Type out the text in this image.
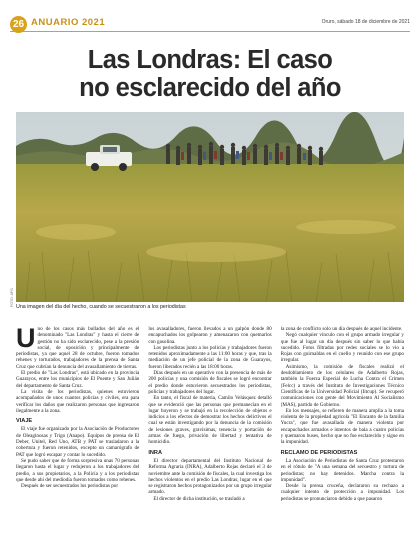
26 ANUARIO 2021	Oruro, sábado 18 de diciembre de 2021
Las Londras: El caso
no esclarecido del año
FOTO: APG
Una imagen del día del hecho, cuando se secuestraron a los periodistas

Uno de los casos más bullados del año es el denominado "Las Londras" y hasta el cierre de gestión no ha sido esclarecido, pese a la presión social, de oposición y principalmente de periodistas, ya que aquel 28 de octubre, fueron tomados rehenes y torturados, trabajadores de la prensa de Santa Cruz que cubrían la denuncia del avasallamiento de tierras.

El predio de "Las Londras", está ubicado en la provincia Guarayos, entre los municipios de El Puente y San Julián del departamento de Santa Cruz.

La visita de los periodistas, quienes estuvieron acompañados de unos cuantos policías y civiles, era para verificar los daños que realizaron personas que ingresaron ilegalmente a la zona.

VIAJE

El viaje fue organizado por la Asociación de Productores de Oleaginosas y Trigo (Anapo). Equipos de prensa de El Deber, Unitel, Red Uno, ATB y PAT se trasladaron a la cobertura y fueron retenidos, excepto un camarógrafo de PAT que logró escapar y contar lo sucedido.

Se pudo saber que de forma sorpresiva unas 70 personas llegaron hasta el lugar y redujeron a los trabajadores del predio, a sus propietarios, a la Policía y a los periodistas que desde ahí del mediodía fueron tomados como rehenes.

Después de ser secuestrados los periodistas por

los avasalladores, fueron llevados a un galpón donde 80 encapuchados los golpearon y amenazaron con quemarlos con gasolina.

Los periodistas junto a los policías y trabajadores fueron retenidos aproximadamente a las 11:00 horas y que, tras la mediación de un jefe policial de la zona de Guarayos, fueron liberados recién a las 18:00 horas.

Días después en un operativo con la presencia de más de 200 policías y una comisión de fiscales se logró encontrar el predio donde estuvieron secuestrados los periodistas, policías y trabajadores del lugar.

En tanto, el fiscal de materia, Camilo Velásquez detalló que se evidenció que las personas que permanecían en el lugar huyeron y se trabajó en la recolección de objetos e indicios a los efectos de demostrar los hechos delictivos el cual se están investigando por la denuncia de la comisión de lesiones graves, gravísimas, tenencia y portación de armas de fuego, privación de libertad y tentativa de homicidio.

INRA

El director departamental del Instituto Nacional de Reforma Agraria (INRA), Adalberto Rojas declaró el 3 de noviembre ante la comisión de fiscales, la cual investiga los hechos violentos en el predio Las Londras, lugar en el que se registraron hechos protagonizados por un grupo irregular armado.

El director de dicha institución, se trasladó a

la zona de conflicto solo un día después de aquel incidente.

Negó cualquier vínculo con el grupo armado irregular y que fue al lugar un día después sin saber lo que había sucedido. Fotos filtradas por redes sociales se lo vio a Rojas con guirnaldas en el cuello y reunido con ese grupo irregular.

Asimismo, la comisión de fiscales realizó el desdoblamiento de los celulares de Adalberto Rojas, también la Fuerza Especial de Lucha Contra el Crimen (Felcc) a través del Instituto de Investigaciones Técnico Científicas de la Universidad Policial (Iitcup). Se recuperó comunicaciones con gente del Movimiento Al Socialismo (MAS), partido de Gobierno.

En los mensajes, se refieren de manera amplia a la toma violenta de la propiedad agrícola "El Encanto de la familia Yucra", que fue avasallada de manera violenta por encapuchados armados e intentos de bala a cuatro policías y quemaron buses, hecho que no fue esclarecido y sigue en la impunidad.

RECLAMO DE PERIODISTAS

La Asociación de Periodistas de Santa Cruz protestaron en el rótulo de "A una semana del secuestro y tortura de periodistas; no hay detenidos. Marcha contra la impunidad".

Desde la prensa cruceña, declararon su rechazo a cualquier intento de protección a impunidad. Los periodistas se pronunciaron debido a que pasaron
